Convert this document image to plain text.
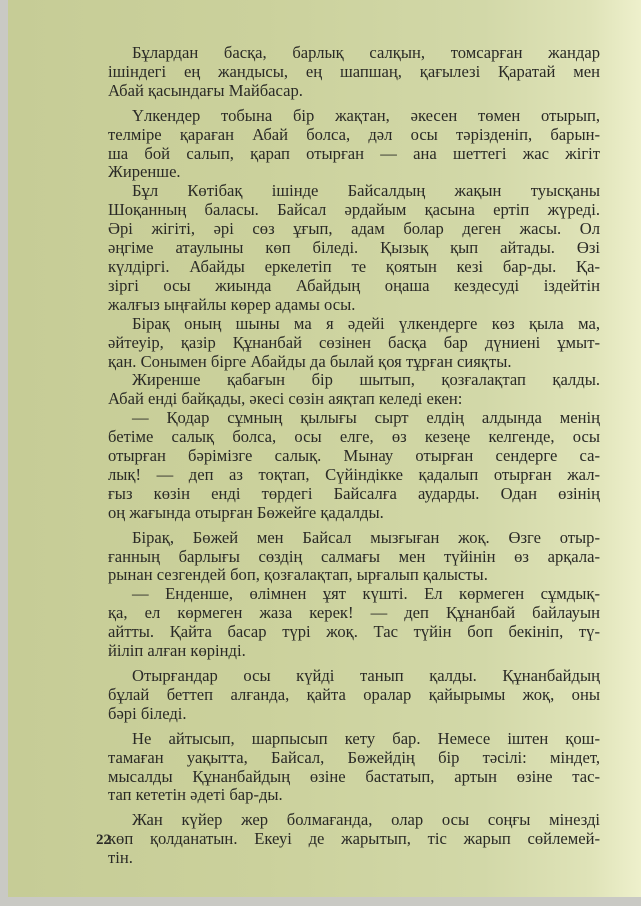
Бұлардан басқа, барлық салқын, томсарған жандар
ішіндегі ең жандысы, ең шапшаң, қағылезі Қаратай мен
Абай қасындағы Майбасар.
Үлкендер тобына бір жақтан, әкесен төмен отырып,
телміре қараған Абай болса, дәл осы тәрізденіп, барын-
ша бой салып, қарап отырған — ана шеттегі жас жігіт
Жиренше.
Бұл Көтібақ ішінде Байсалдың жақын туысқаны
Шоқанның баласы. Байсал әрдайым қасына ертіп жүреді.
Әрі жігіті, әрі сөз ұғып, адам болар деген жасы. Ол
әңгіме атаулыны көп біледі. Қызық қып айтады. Өзі
күлдіргі. Абайды еркелетіп те қоятын кезі бар-ды. Қа-
зіргі осы жиында Абайдың оңаша кездесуді іздейтін
жалғыз ыңғайлы көрер адамы осы.
Бірақ оның шыны ма я әдейі үлкендерге көз қыла ма,
әйтеуір, қазір Құнанбай сөзінен басқа бар дүниені ұмыт-
қан. Сонымен бірге Абайды да былай қоя тұрған сияқты.
Жиренше қабағын бір шытып, қозғалақтап қалды.
Абай енді байқады, әкесі сөзін аяқтап келеді екен:
— Қодар сұмның қылығы сырт елдің алдында менің
бетіме салық болса, осы елге, өз кезеңе келгенде, осы
отырған бәрімізге салық. Мынау отырған сендерге са-
лық! — деп аз тоқтап, Сүйіндікке қадалып отырған жал-
ғыз көзін енді төрдегі Байсалға аударды. Одан өзінің
оң жағында отырған Бөжейге қадалды.
Бірақ, Бөжей мен Байсал мызғыған жоқ. Өзге отыр-
ғанның барлығы сөздің салмағы мен түйінін өз арқала-
рынан сезгендей боп, қозғалақтап, ырғалып қалысты.
— Енденше, өлімнен ұят күшті. Ел көрмеген сұмдық-
қа, ел көрмеген жаза керек! — деп Құнанбай байлауын
айтты. Қайта басар түрі жоқ. Тас түйін боп бекініп, тү-
йіліп алған көрінді.
Отырғандар осы күйді танып қалды. Құнанбайдың
бұлай беттеп алғанда, қайта оралар қайырымы жоқ, оны
бәрі біледі.
Не айтысып, шарпысып кету бар. Немесе іштен қош-
тамаған уақытта, Байсал, Бөжейдің бір тәсілі: міндет,
мысалды Құнанбайдың өзіне бастатып, артын өзіне тас-
тап кететін әдеті бар-ды.
Жан күйер жер болмағанда, олар осы соңғы мінезді
көп қолданатын. Екеуі де жарытып, тіс жарып сөйлемей-
тін.
22
